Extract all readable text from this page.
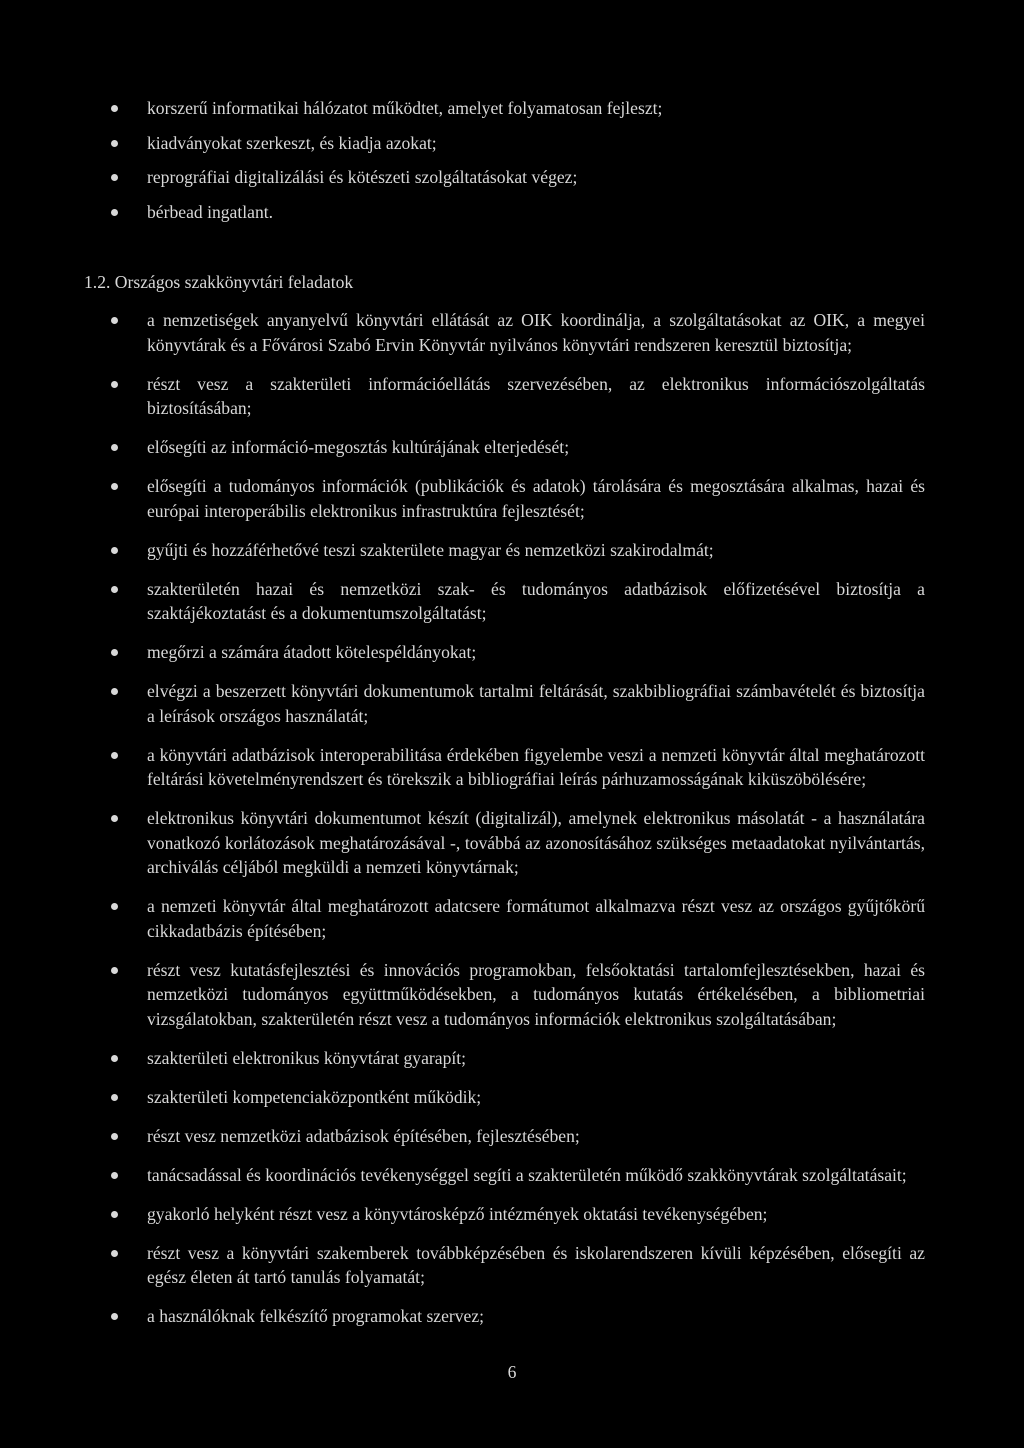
korszerű informatikai hálózatot működtet, amelyet folyamatosan fejleszt;
kiadványokat szerkeszt, és kiadja azokat;
reprográfiai digitalizálási és kötészeti szolgáltatásokat végez;
bérbead ingatlant.
1.2. Országos szakkönyvtári feladatok
a nemzetiségek anyanyelvű könyvtári ellátását az OIK koordinálja, a szolgáltatásokat az OIK, a megyei könyvtárak és a Fővárosi Szabó Ervin Könyvtár nyilvános könyvtári rendszeren keresztül biztosítja;
részt vesz a szakterületi információellátás szervezésében, az elektronikus információszolgáltatás biztosításában;
elősegíti az információ-megosztás kultúrájának elterjedését;
elősegíti a tudományos információk (publikációk és adatok) tárolására és megosztására alkalmas, hazai és európai interoperábilis elektronikus infrastruktúra fejlesztését;
gyűjti és hozzáférhetővé teszi szakterülete magyar és nemzetközi szakirodalmát;
szakterületén hazai és nemzetközi szak- és tudományos adatbázisok előfizetésével biztosítja a szaktájékoztatást és a dokumentumszolgáltatást;
megőrzi a számára átadott kötelespéldányokat;
elvégzi a beszerzett könyvtári dokumentumok tartalmi feltárását, szakbibliográfiai számbavételét és biztosítja a leírások országos használatát;
a könyvtári adatbázisok interoperabilitása érdekében figyelembe veszi a nemzeti könyvtár által meghatározott feltárási követelményrendszert és törekszik a bibliográfiai leírás párhuzamosságának kiküszöbölésére;
elektronikus könyvtári dokumentumot készít (digitalizál), amelynek elektronikus másolatát - a használatára vonatkozó korlátozások meghatározásával -, továbbá az azonosításához szükséges metaadatokat nyilvántartás, archiválás céljából megküldi a nemzeti könyvtárnak;
a nemzeti könyvtár által meghatározott adatcsere formátumot alkalmazva részt vesz az országos gyűjtőkörű cikkadatbázis építésében;
részt vesz kutatásfejlesztési és innovációs programokban, felsőoktatási tartalomfejlesztésekben, hazai és nemzetközi tudományos együttműködésekben, a tudományos kutatás értékelésében, a bibliometriai vizsgálatokban, szakterületén részt vesz a tudományos információk elektronikus szolgáltatásában;
szakterületi elektronikus könyvtárat gyarapít;
szakterületi kompetenciaközpontként működik;
részt vesz nemzetközi adatbázisok építésében, fejlesztésében;
tanácsadással és koordinációs tevékenységgel segíti a szakterületén működő szakkönyvtárak szolgáltatásait;
gyakorló helyként részt vesz a könyvtárosképző intézmények oktatási tevékenységében;
részt vesz a könyvtári szakemberek továbbképzésében és iskolarendszeren kívüli képzésében, elősegíti az egész életen át tartó tanulás folyamatát;
a használóknak felkészítő programokat szervez;
6
